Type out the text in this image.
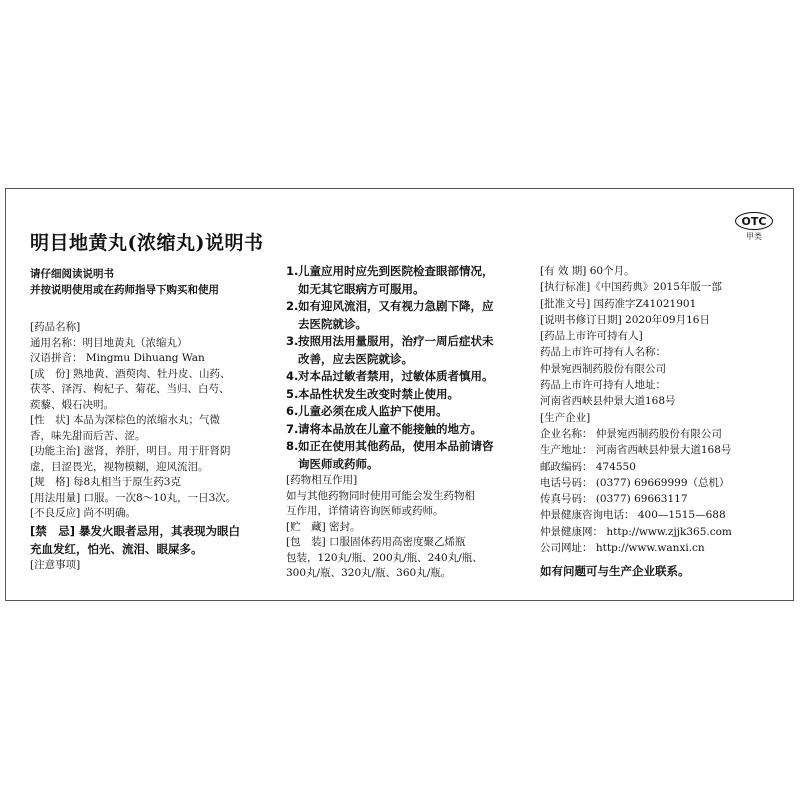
明目地黄丸(浓缩丸)说明书
OTC
甲类
请仔细阅读说明书
并按说明使用或在药师指导下购买和使用
[药品名称]
通用名称：明目地黄丸（浓缩丸）
汉语拼音： Mingmu Dihuang Wan
[成　份] 熟地黄、酒萸肉、牡丹皮、山药、
茯苓、泽泻、枸杞子、菊花、当归、白芍、
蒺藜、煅石决明。
[性　状] 本品为深棕色的浓缩水丸；气微
香，味先甜而后苦、涩。
[功能主治] 滋肾，养肝，明目。用于肝肾阴
虚，目涩畏光，视物模糊，迎风流泪。
[规　格] 每8丸相当于原生药3克
[用法用量] 口服。一次8～10丸，一日3次。
[不良反应] 尚不明确。
[禁　忌] 暴发火眼者忌用，其表现为眼白
充血发红，怕光、流泪、眼屎多。
[注意事项]
1.儿童应用时应先到医院检查眼部情况，
如无其它眼病方可服用。
2.如有迎风流泪，又有视力急剧下降，应
去医院就诊。
3.按照用法用量服用，治疗一周后症状未
改善，应去医院就诊。
4.对本品过敏者禁用，过敏体质者慎用。
5.本品性状发生改变时禁止使用。
6.儿童必须在成人监护下使用。
7.请将本品放在儿童不能接触的地方。
8.如正在使用其他药品，使用本品前请咨
询医师或药师。
[药物相互作用]
如与其他药物同时使用可能会发生药物相
互作用，详情请咨询医师或药师。
[贮　藏] 密封。
[包　装] 口服固体药用高密度聚乙烯瓶
包装，120丸/瓶、200丸/瓶、240丸/瓶、
300丸/瓶、320丸/瓶、360丸/瓶。
[有 效 期] 60个月。
[执行标准]《中国药典》2015年版一部
[批准文号] 国药准字Z41021901
[说明书修订日期] 2020年09月16日
[药品上市许可持有人]
药品上市许可持有人名称：
仲景宛西制药股份有限公司
药品上市许可持有人地址：
河南省西峡县仲景大道168号
[生产企业]
企业名称： 仲景宛西制药股份有限公司
生产地址： 河南省西峡县仲景大道168号
邮政编码： 474550
电话号码： (0377) 69669999（总机）
传真号码： (0377) 69663117
仲景健康咨询电话： 400—1515—688
仲景健康网： http://www.zjjk365.com
公司网址： http://www.wanxi.cn
如有问题可与生产企业联系。
